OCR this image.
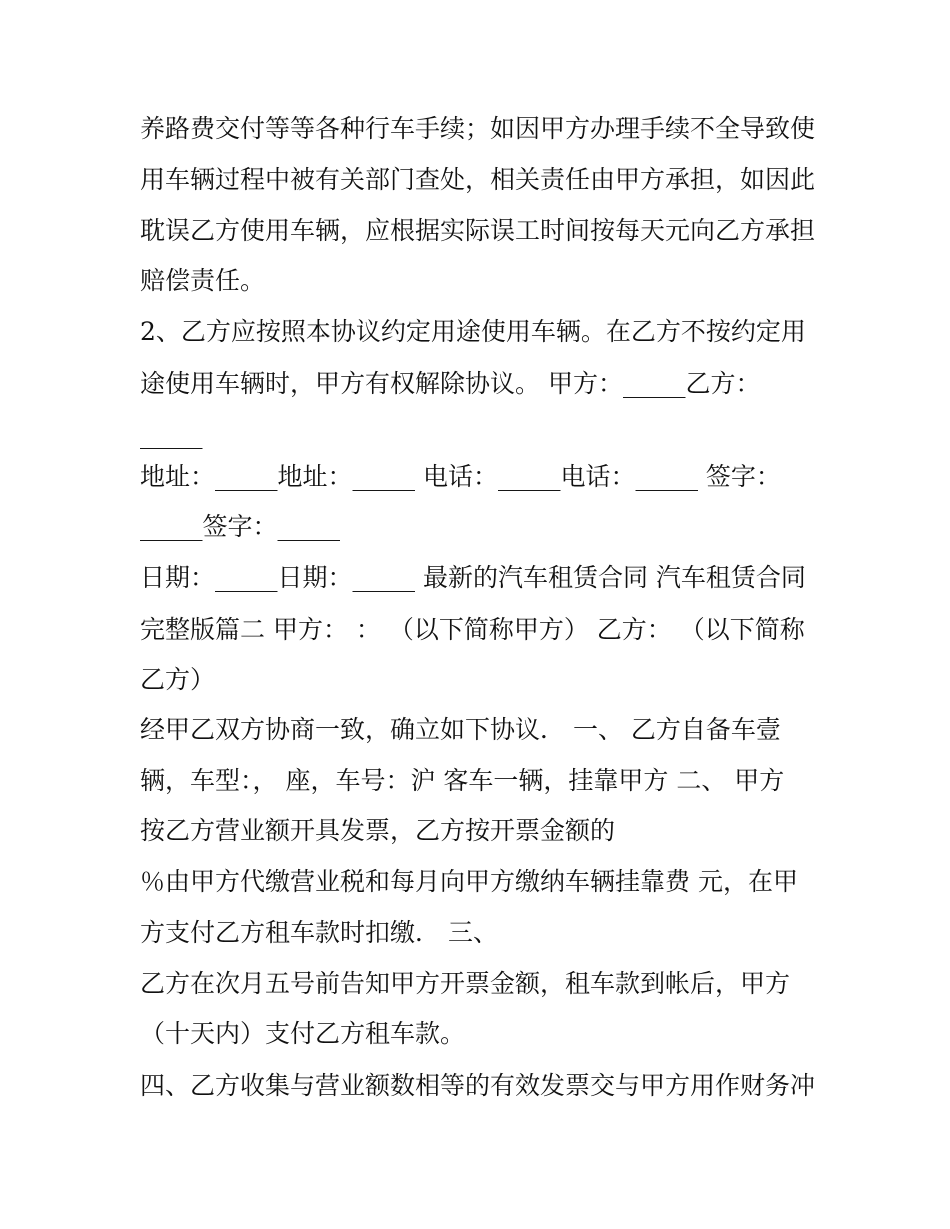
养路费交付等等各种行车手续；如因甲方办理手续不全导致使
用车辆过程中被有关部门查处，相关责任由甲方承担，如因此
耽误乙方使用车辆，应根据实际误工时间按每天元向乙方承担
赔偿责任。
2、乙方应按照本协议约定用途使用车辆。在乙方不按约定用
途使用车辆时，甲方有权解除协议。 甲方：_____乙方：
_____
地址：_____地址：_____ 电话：_____电话：_____ 签字：
_____签字：_____
日期：_____日期：_____ 最新的汽车租赁合同 汽车租赁合同
完整版篇二 甲方： ： （以下简称甲方） 乙方： （以下简称
乙方）
经甲乙双方协商一致，确立如下协议． 一、 乙方自备车壹
辆，车型：， 座，车号：沪 客车一辆，挂靠甲方 二、 甲方
按乙方营业额开具发票，乙方按开票金额的
％由甲方代缴营业税和每月向甲方缴纳车辆挂靠费 元，在甲
方支付乙方租车款时扣缴． 三、
乙方在次月五号前告知甲方开票金额，租车款到帐后，甲方
（十天内）支付乙方租车款。
四、乙方收集与营业额数相等的有效发票交与甲方用作财务冲
